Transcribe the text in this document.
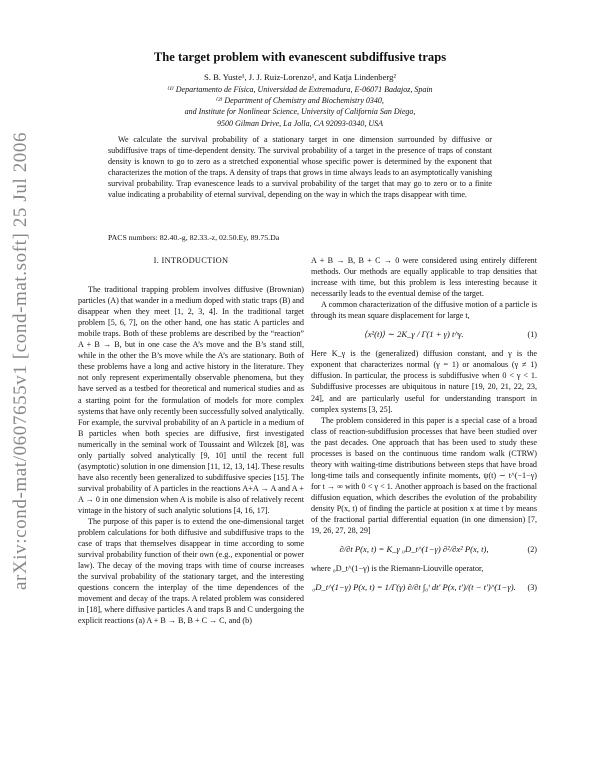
arXiv:cond-mat/0607655v1 [cond-mat.soft] 25 Jul 2006
The target problem with evanescent subdiffusive traps
S. B. Yuste¹, J. J. Ruiz-Lorenzo¹, and Katja Lindenberg²
⁽¹⁾ Departamento de Física, Universidad de Extremadura, E-06071 Badajoz, Spain
⁽²⁾ Department of Chemistry and Biochemistry 0340,
and Institute for Nonlinear Science, University of California San Diego,
9500 Gilman Drive, La Jolla, CA 92093-0340, USA
We calculate the survival probability of a stationary target in one dimension surrounded by diffusive or subdiffusive traps of time-dependent density. The survival probability of a target in the presence of traps of constant density is known to go to zero as a stretched exponential whose specific power is determined by the exponent that characterizes the motion of the traps. A density of traps that grows in time always leads to an asymptotically vanishing survival probability. Trap evanescence leads to a survival probability of the target that may go to zero or to a finite value indicating a probability of eternal survival, depending on the way in which the traps disappear with time.
PACS numbers: 82.40.-g, 82.33.-z, 02.50.Ey, 89.75.Da

I. INTRODUCTION

The traditional trapping problem involves diffusive (Brownian) particles (A) that wander in a medium doped with static traps (B) and disappear when they meet [1, 2, 3, 4]. In the traditional target problem [5, 6, 7], on the other hand, one has static A particles and mobile traps. Both of these problems are described by the “reaction” A + B → B, but in one case the A’s move and the B’s stand still, while in the other the B’s move while the A’s are stationary. Both of these problems have a long and active history in the literature. They not only represent experimentally observable phenomena, but they have served as a testbed for theoretical and numerical studies and as a starting point for the formulation of models for more complex systems that have only recently been successfully solved analytically. For example, the survival probability of an A particle in a medium of B particles when both species are diffusive, first investigated numerically in the seminal work of Toussaint and Wilczek [8], was only partially solved analytically [9, 10] until the recent full (asymptotic) solution in one dimension [11, 12, 13, 14]. These results have also recently been generalized to subdiffusive species [15]. The survival probability of A particles in the reactions A+A → A and A + A → 0 in one dimension when A is mobile is also of relatively recent vintage in the history of such analytic solutions [4, 16, 17].

The purpose of this paper is to extend the one-dimensional target problem calculations for both diffusive and subdiffusive traps to the case of traps that themselves disappear in time according to some survival probability function of their own (e.g., exponential or power law). The decay of the moving traps with time of course increases the survival probability of the stationary target, and the interesting questions concern the interplay of the time dependences of the movement and decay of the traps. A related problem was considered in [18], where diffusive particles A and traps B and C undergoing the explicit reactions (a) A + B → B, B + C → C, and (b)

A + B → B, B + C → 0 were considered using entirely different methods. Our methods are equally applicable to trap densities that increase with time, but this problem is less interesting because it necessarily leads to the eventual demise of the target.

A common characterization of the diffusive motion of a particle is through its mean square displacement for large t,

⟨x²(t)⟩ ∼ 2K_γ / Γ(1 + γ) t^γ.	(1)

Here K_γ is the (generalized) diffusion constant, and γ is the exponent that characterizes normal (γ = 1) or anomalous (γ ≠ 1) diffusion. In particular, the process is subdiffusive when 0 < γ < 1. Subdiffusive processes are ubiquitous in nature [19, 20, 21, 22, 23, 24], and are particularly useful for understanding transport in complex systems [3, 25].

The problem considered in this paper is a special case of a broad class of reaction-subdiffusion processes that have been studied over the past decades. One approach that has been used to study these processes is based on the continuous time random walk (CTRW) theory with waiting-time distributions between steps that have broad long-time tails and consequently infinite moments, ψ(t) ∼ t^(−1−γ) for t → ∞ with 0 < γ < 1. Another approach is based on the fractional diffusion equation, which describes the evolution of the probability density P(x, t) of finding the particle at position x at time t by means of the fractional partial differential equation (in one dimension) [7, 19, 26, 27, 28, 29]

∂/∂t P(x, t) = K_γ ₀D_t^(1−γ) ∂²/∂x² P(x, t),	(2)

where ₀D_t^(1−γ) is the Riemann-Liouville operator,

₀D_t^(1−γ) P(x, t) = 1/Γ(γ) ∂/∂t ∫₀ᵗ dt′ P(x, t′)/(t − t′)^(1−γ).	(3)
